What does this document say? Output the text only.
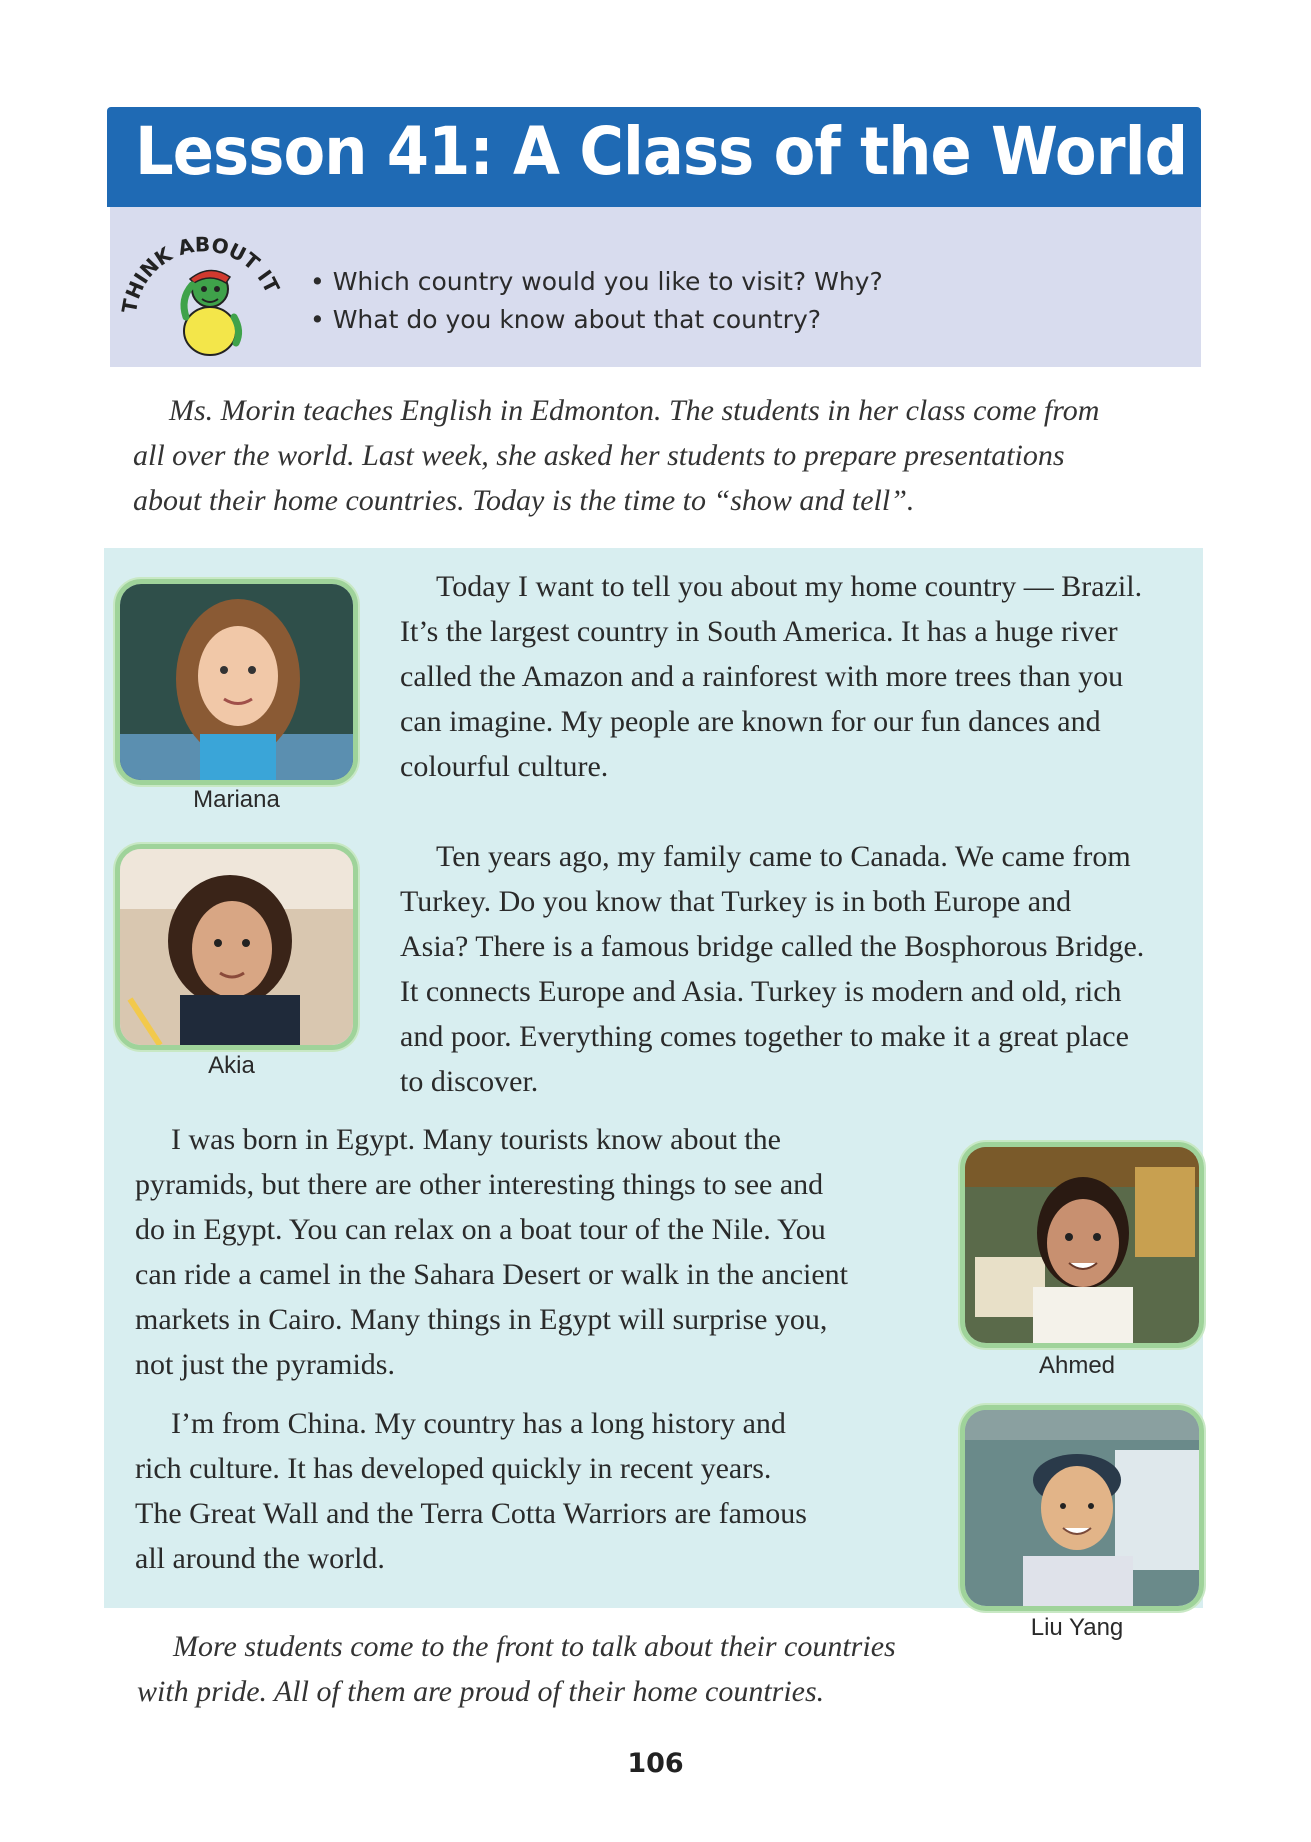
Lesson 41: A Class of the World
THINK ABOUT IT
•	Which country would you like to visit? Why?
• What do you know about that country?
Ms. Morin teaches English in Edmonton. The students in her class come from
all over the world. Last week, she asked her students to prepare presentations
about their home countries. Today is the time to “show and tell”.
Mariana
Today I want to tell you about my home country — Brazil.
It’s the largest country in South America. It has a huge river
called the Amazon and a rainforest with more trees than you
can imagine. My people are known for our fun dances and
colourful culture.
Akia
Ten years ago, my family came to Canada. We came from
Turkey. Do you know that Turkey is in both Europe and
Asia? There is a famous bridge called the Bosphorous Bridge.
It connects Europe and Asia. Turkey is modern and old, rich
and poor. Everything comes together to make it a great place
to discover.
I was born in Egypt. Many tourists know about the
pyramids, but there are other interesting things to see and
do in Egypt. You can relax on a boat tour of the Nile. You
can ride a camel in the Sahara Desert or walk in the ancient
markets in Cairo. Many things in Egypt will surprise you,
not just the pyramids.	Ahmed
I’m from China. My country has a long history and
rich culture. It has developed quickly in recent years.
The Great Wall and the Terra Cotta Warriors are famous
all around the world.
Liu Yang
More students come to the front to talk about their countries
with pride. All of them are proud of their home countries.
106
